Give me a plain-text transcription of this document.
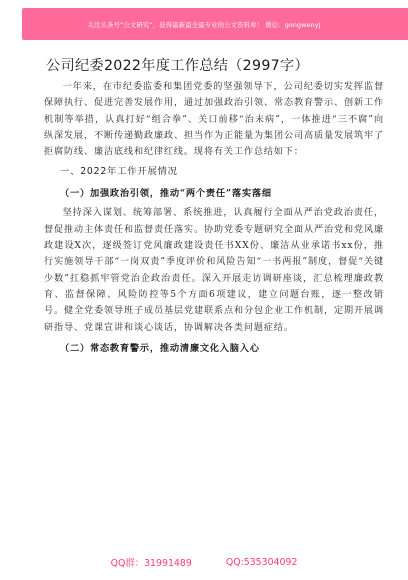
关注头条号“公文研究”，获得最新最全最专业的公文资料库！ 微信：gongwenyj
公司纪委2022年度工作总结（2997字）

一年来，在市纪委监委和集团党委的坚强领导下，公司纪委切实发挥监督保障执行、促进完善发展作用，通过加强政治引领、常态教育警示、创新工作机制等举措，认真打好“组合拳”、关口前移“治未病”，一体推进“三不腐”向纵深发展，不断传递勤政廉政、担当作为正能量为集团公司高质量发展筑牢了拒腐防线、廉洁底线和纪律红线。现将有关工作总结如下：

一、2022年工作开展情况
（一）加强政治引领，推动“两个责任”落实落细

坚持深入谋划、统筹部署、系统推进，认真履行全面从严治党政治责任，督促推动主体责任和监督责任落实。协助党委专题研究全面从严治党和党风廉政建设X次，逐级签订党风廉政建设责任书XX份、廉洁从业承诺书xx份，推行实施领导干部“一岗双责”季度评价和风险告知“一书两报”制度，督促“关键少数”扛稳抓牢管党治企政治责任。深入开展走访调研座谈，汇总梳理廉政教育、监督保障、风险防控等5个方面6项建议，建立问题台账，逐一整改销号。健全党委领导班子成员基层党建联系点和分包企业工作机制，定期开展调研指导、党课宣讲和谈心谈话，协调解决各类问题症结。

（二）常态教育警示，推动清廉文化入脑入心
QQ群：31991489	QQ:535304092
